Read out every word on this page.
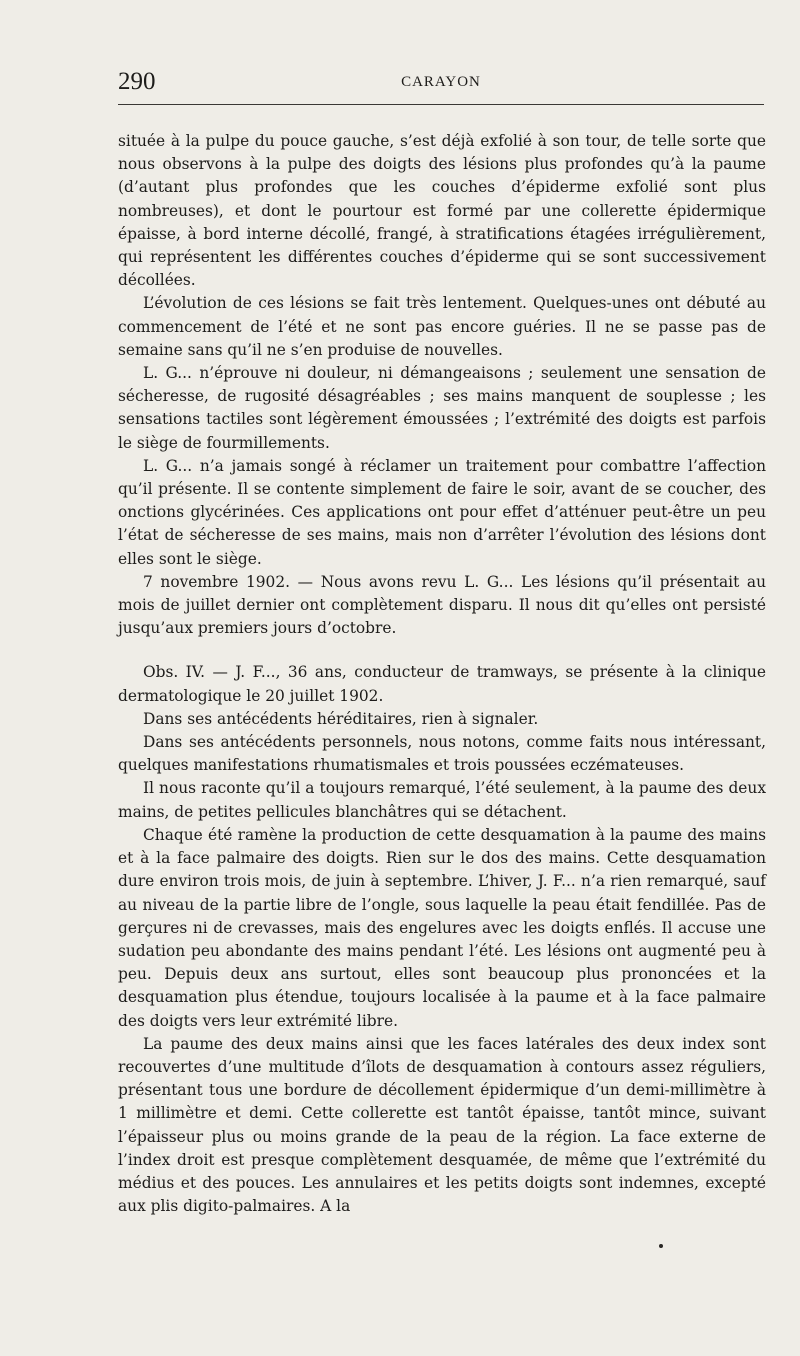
290	CARAYON

située à la pulpe du pouce gauche, s’est déjà exfolié à son tour, de telle sorte que nous observons à la pulpe des doigts des lésions plus profondes qu’à la paume (d’autant plus profondes que les couches d’épiderme exfolié sont plus nombreuses), et dont le pourtour est formé par une collerette épidermique épaisse, à bord interne décollé, frangé, à stratifications étagées irrégulièrement, qui représentent les différentes couches d’épiderme qui se sont successivement décollées.

L’évolution de ces lésions se fait très lentement. Quelques-unes ont débuté au commencement de l’été et ne sont pas encore guéries. Il ne se passe pas de semaine sans qu’il ne s’en produise de nouvelles.

L. G... n’éprouve ni douleur, ni démangeaisons ; seulement une sensation de sécheresse, de rugosité désagréables ; ses mains manquent de souplesse ; les sensations tactiles sont légèrement émoussées ; l’extrémité des doigts est parfois le siège de fourmillements.

L. G... n’a jamais songé à réclamer un traitement pour combattre l’affection qu’il présente. Il se contente simplement de faire le soir, avant de se coucher, des onctions glycérinées. Ces applications ont pour effet d’atténuer peut-être un peu l’état de sécheresse de ses mains, mais non d’arrêter l’évolution des lésions dont elles sont le siège.

7 novembre 1902. — Nous avons revu L. G... Les lésions qu’il présentait au mois de juillet dernier ont complètement disparu. Il nous dit qu’elles ont persisté jusqu’aux premiers jours d’octobre.

Obs. IV. — J. F..., 36 ans, conducteur de tramways, se présente à la clinique dermatologique le 20 juillet 1902.

Dans ses antécédents héréditaires, rien à signaler.

Dans ses antécédents personnels, nous notons, comme faits nous intéressant, quelques manifestations rhumatismales et trois poussées eczémateuses.

Il nous raconte qu’il a toujours remarqué, l’été seulement, à la paume des deux mains, de petites pellicules blanchâtres qui se détachent.

Chaque été ramène la production de cette desquamation à la paume des mains et à la face palmaire des doigts. Rien sur le dos des mains. Cette desquamation dure environ trois mois, de juin à septembre. L’hiver, J. F... n’a rien remarqué, sauf au niveau de la partie libre de l’ongle, sous laquelle la peau était fendillée. Pas de gerçures ni de crevasses, mais des engelures avec les doigts enflés. Il accuse une sudation peu abondante des mains pendant l’été. Les lésions ont augmenté peu à peu. Depuis deux ans surtout, elles sont beaucoup plus prononcées et la desquamation plus étendue, toujours localisée à la paume et à la face palmaire des doigts vers leur extrémité libre.

La paume des deux mains ainsi que les faces latérales des deux index sont recouvertes d’une multitude d’îlots de desquamation à contours assez réguliers, présentant tous une bordure de décollement épidermique d’un demi-millimètre à 1 millimètre et demi. Cette collerette est tantôt épaisse, tantôt mince, suivant l’épaisseur plus ou moins grande de la peau de la région. La face externe de l’index droit est presque complètement desquamée, de même que l’extrémité du médius et des pouces. Les annulaires et les petits doigts sont indemnes, excepté aux plis digito-palmaires. A la
